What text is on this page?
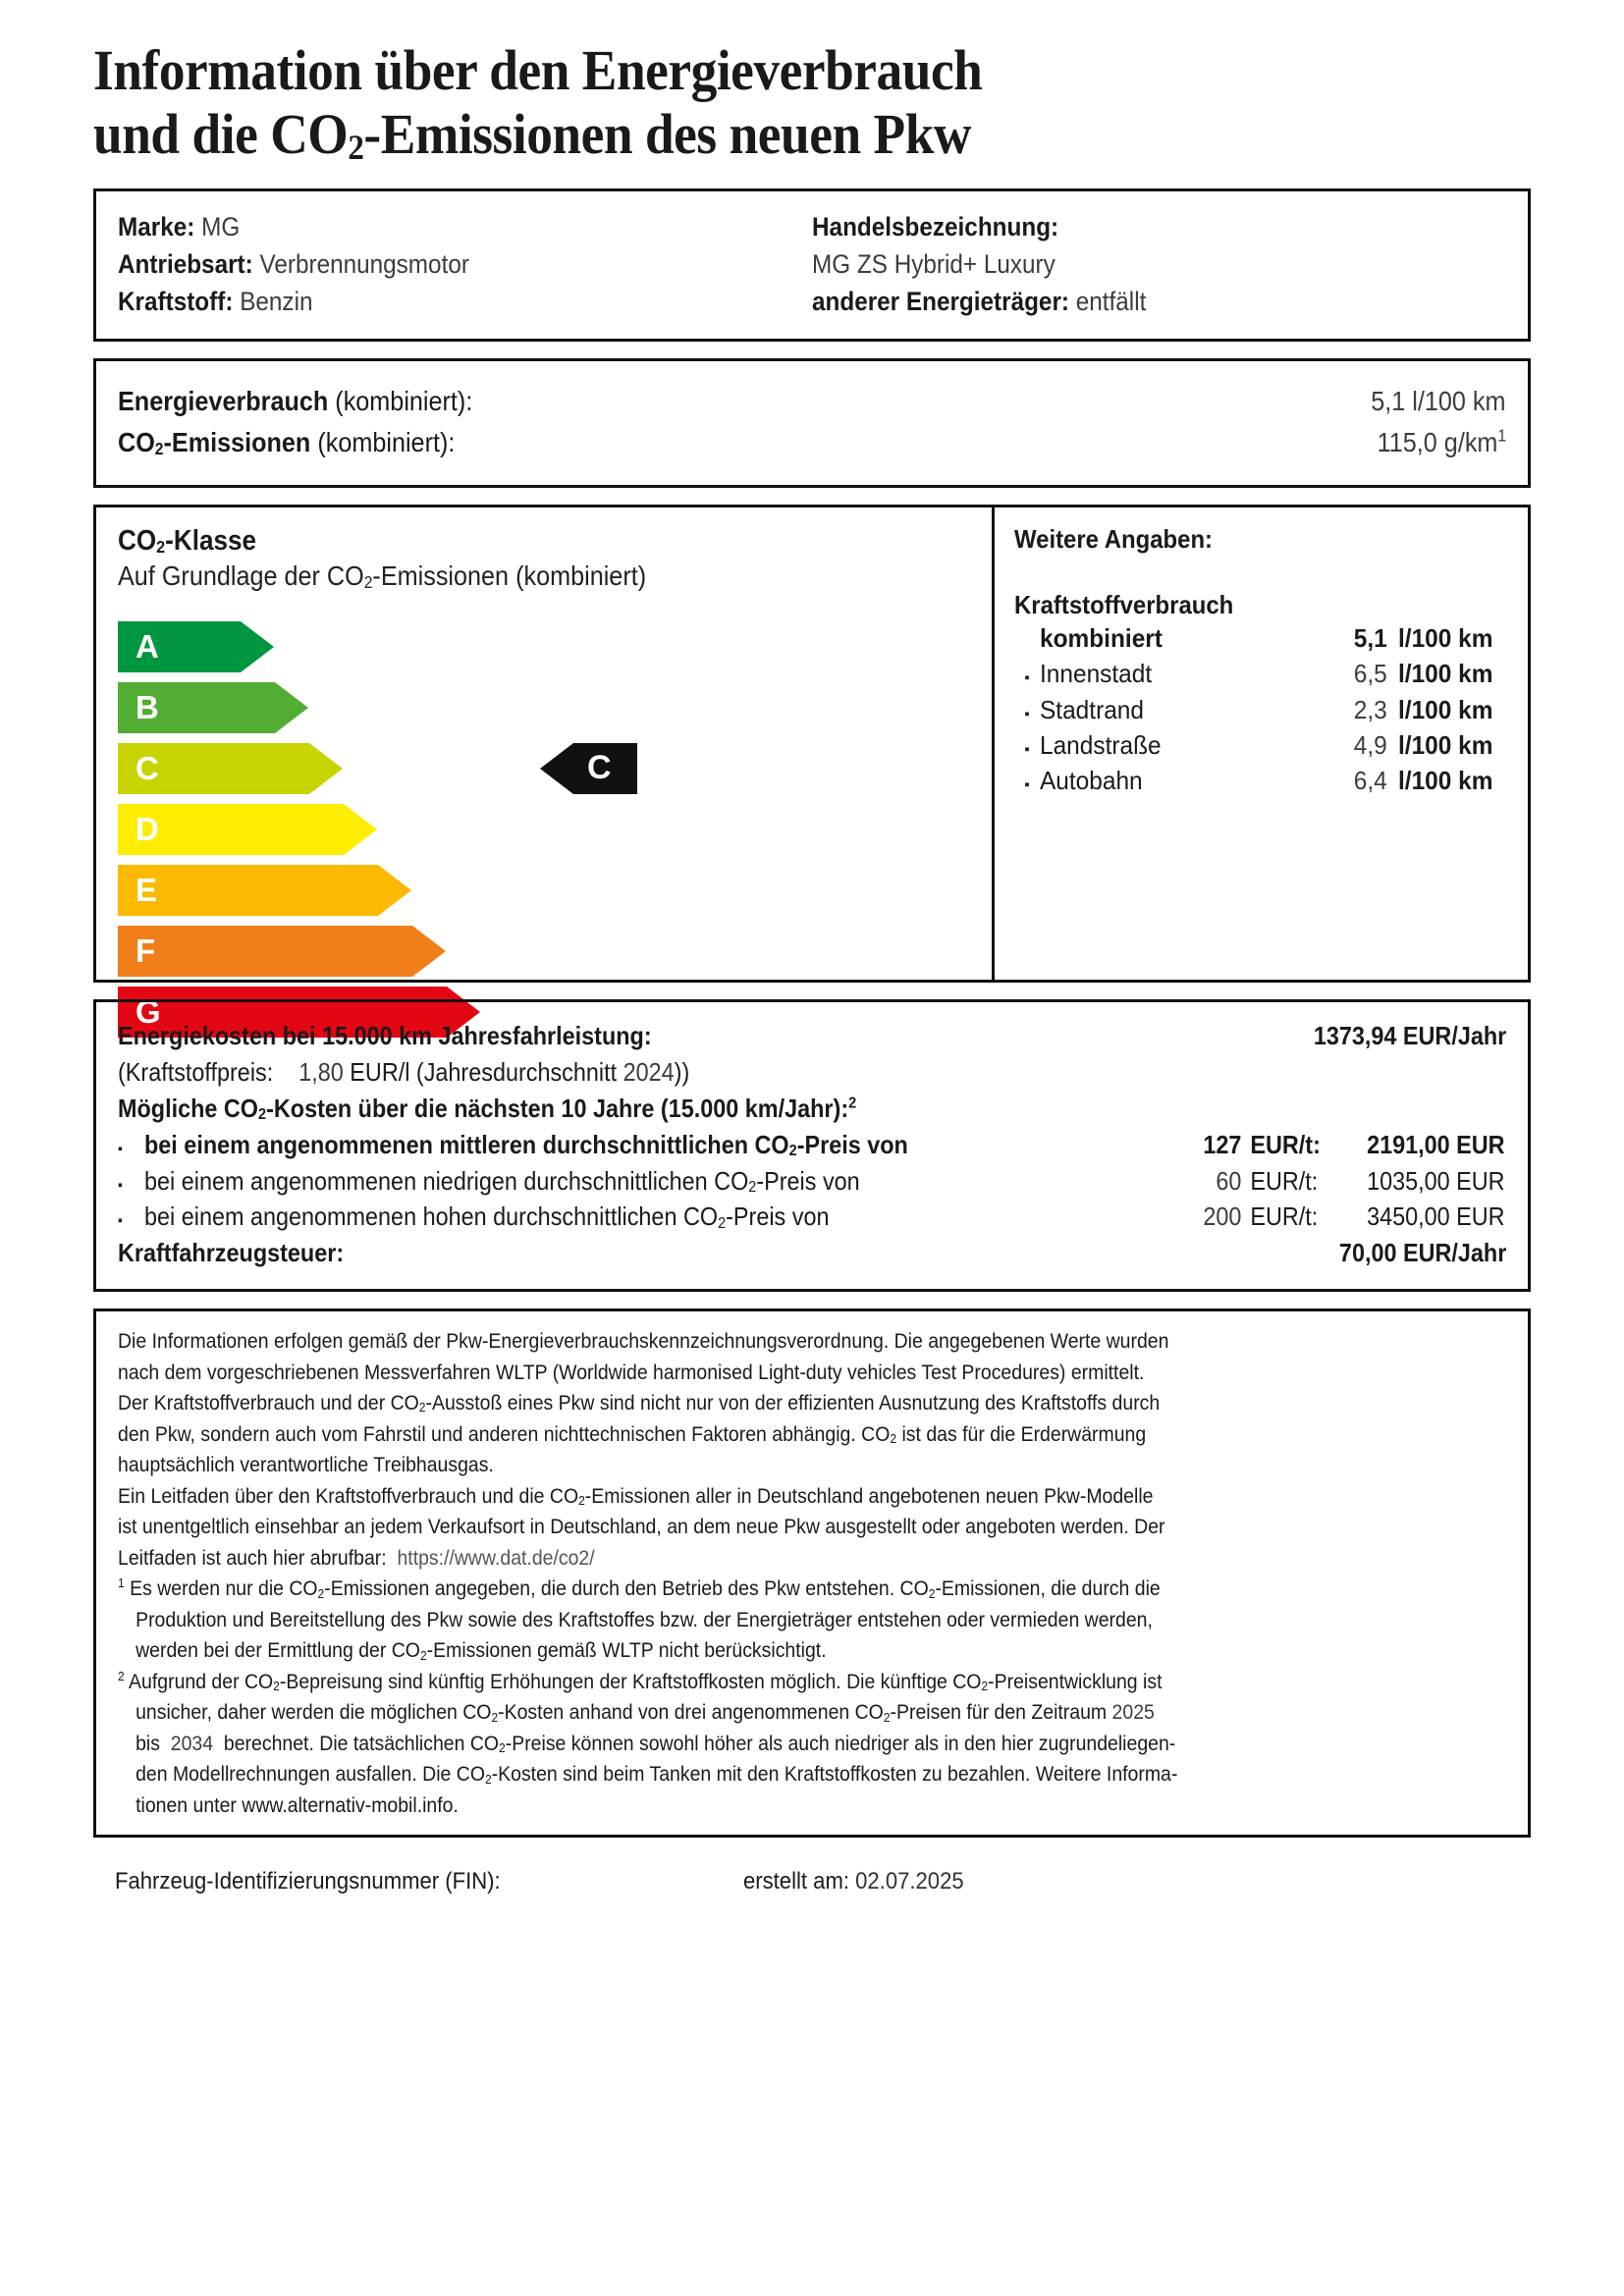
Information über den Energieverbrauch
und die $CO_2$-Emissionen des neuen Pkw
Marke: MG
Antriebsart: Verbrennungsmotor
Kraftstoff: Benzin
Handelsbezeichnung:
MG ZS Hybrid+ Luxury
anderer Energieträger: entfällt
Energieverbrauch (kombiniert):	5,1 l/100 km
$CO_2$-Emissionen (kombiniert):	115,0 $g/km^1$
$CO_2$-Klasse
Auf Grundlage der $CO_2$-Emissionen (kombiniert)
A
B
C	C
D
E
F
G
Weitere Angaben:
Kraftstoffverbrauch
kombiniert	5,1 l/100 km
▪ Innenstadt	6,5 l/100 km
▪ Stadtrand	2,3 l/100 km
▪ Landstraße	4,9 l/100 km
▪ Autobahn	6,4 l/100 km
Energiekosten bei 15.000 km Jahresfahrleistung:	1373,94 EUR/Jahr
(Kraftstoffpreis: 1,80 EUR/l (Jahresdurchschnitt 2024))
Mögliche $CO_2$-Kosten über die nächsten 10 Jahre (15.000 km/Jahr):$^2$
▪ bei einem angenommenen mittleren durchschnittlichen $CO_2$-Preis von	127 EUR/t:	2191,00 EUR
▪ bei einem angenommenen niedrigen durchschnittlichen $CO_2$-Preis von	60 EUR/t:	1035,00 EUR
▪ bei einem angenommenen hohen durchschnittlichen $CO_2$-Preis von	200 EUR/t:	3450,00 EUR
Kraftfahrzeugsteuer:	70,00 EUR/Jahr

Die Informationen erfolgen gemäß der Pkw-Energieverbrauchskennzeichnungsverordnung. Die angegebenen Werte wurden

nach dem vorgeschriebenen Messverfahren WLTP (Worldwide harmonised Light-duty vehicles Test Procedures) ermittelt.

Der Kraftstoffverbrauch und der $CO_2$-Ausstoß eines Pkw sind nicht nur von der effizienten Ausnutzung des Kraftstoffs durch

den Pkw, sondern auch vom Fahrstil und anderen nichttechnischen Faktoren abhängig. $CO_2$ ist das für die Erderwärmung

hauptsächlich verantwortliche Treibhausgas.

Ein Leitfaden über den Kraftstoffverbrauch und die $CO_2$-Emissionen aller in Deutschland angebotenen neuen Pkw-Modelle

ist unentgeltlich einsehbar an jedem Verkaufsort in Deutschland, an dem neue Pkw ausgestellt oder angeboten werden. Der

Leitfaden ist auch hier abrufbar: https://www.dat.de/co2/

$^1$ Es werden nur die $CO_2$-Emissionen angegeben, die durch den Betrieb des Pkw entstehen. $CO_2$-Emissionen, die durch die

Produktion und Bereitstellung des Pkw sowie des Kraftstoffes bzw. der Energieträger entstehen oder vermieden werden,

werden bei der Ermittlung der $CO_2$-Emissionen gemäß WLTP nicht berücksichtigt.

$^2$ Aufgrund der $CO_2$-Bepreisung sind künftig Erhöhungen der Kraftstoffkosten möglich. Die künftige $CO_2$-Preisentwicklung ist

unsicher, daher werden die möglichen $CO_2$-Kosten anhand von drei angenommenen $CO_2$-Preisen für den Zeitraum 2025

bis 2034 berechnet. Die tatsächlichen $CO_2$-Preise können sowohl höher als auch niedriger als in den hier zugrundeliegen-

den Modellrechnungen ausfallen. Die $CO_2$-Kosten sind beim Tanken mit den Kraftstoffkosten zu bezahlen. Weitere Informa-

tionen unter www.alternativ-mobil.info.

Fahrzeug-Identifizierungsnummer (FIN):	erstellt am: 02.07.2025
